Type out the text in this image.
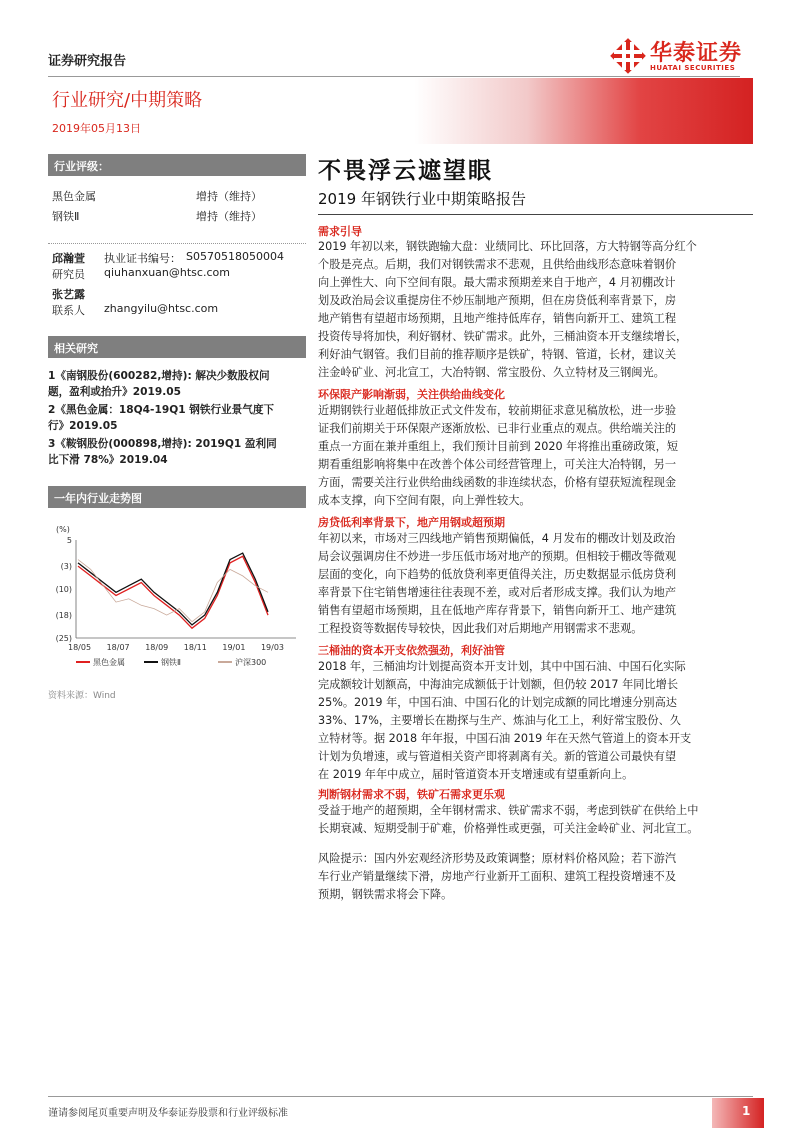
证券研究报告	华泰证券
HUATAI SECURITIES
行业研究/中期策略
2019年05月13日
行业评级：
黑色金属	增持（维持）
钢铁Ⅱ	增持（维持）
邱瀚萱 执业证书编号： S0570518050004
研究员 qiuhanxuan@htsc.com
张艺露
联系人 zhangyilu@htsc.com
相关研究
1《南钢股份(600282,增持): 解决少数股权问
题，盈利或抬升》2019.05
2《黑色金属：18Q4-19Q1 钢铁行业景气度下
行》2019.05
3《鞍钢股份(000898,增持): 2019Q1 盈利同
比下滑 78%》2019.04
一年内行业走势图
(%)
5
(3)
(10)
(18)
(25)
18/05 18/07 18/09 18/11 19/01 19/03
黑色金属	钢铁Ⅱ	沪深300
资料来源：Wind
不畏浮云遮望眼
2019 年钢铁行业中期策略报告
需求引导
2019 年初以来，钢铁跑输大盘：业绩同比、环比回落，方大特钢等高分红个
个股是亮点。后期，我们对钢铁需求不悲观，且供给曲线形态意味着钢价
向上弹性大、向下空间有限。最大需求预期差来自于地产，4 月初棚改计
划及政治局会议重提房住不炒压制地产预期，但在房贷低利率背景下，房
地产销售有望超市场预期，且地产维持低库存，销售向新开工、建筑工程
投资传导将加快，利好钢材、铁矿需求。此外，三桶油资本开支继续增长，
利好油气钢管。我们目前的推荐顺序是铁矿，特钢、管道，长材，建议关
注金岭矿业、河北宣工，大冶特钢、常宝股份、久立特材及三钢闽光。
环保限产影响渐弱，关注供给曲线变化
近期钢铁行业超低排放正式文件发布，较前期征求意见稿放松，进一步验
证我们前期关于环保限产逐渐放松、已非行业重点的观点。供给端关注的
重点一方面在兼并重组上，我们预计目前到 2020 年将推出重磅政策，短
期看重组影响将集中在改善个体公司经营管理上，可关注大冶特钢，另一
方面，需要关注行业供给曲线函数的非连续状态，价格有望获短流程现金
成本支撑，向下空间有限，向上弹性较大。
房贷低利率背景下，地产用钢或超预期
年初以来，市场对三四线地产销售预期偏低，4 月发布的棚改计划及政治
局会议强调房住不炒进一步压低市场对地产的预期。但相较于棚改等微观
层面的变化，向下趋势的低放贷利率更值得关注，历史数据显示低房贷利
率背景下住宅销售增速往往表现不差，或对后者形成支撑。我们认为地产
销售有望超市场预期，且在低地产库存背景下，销售向新开工、地产建筑
工程投资等数据传导较快，因此我们对后期地产用钢需求不悲观。
三桶油的资本开支依然强劲，利好油管
2018 年，三桶油均计划提高资本开支计划，其中中国石油、中国石化实际
完成额较计划额高，中海油完成额低于计划额，但仍较 2017 年同比增长
25%。2019 年，中国石油、中国石化的计划完成额的同比增速分别高达
33%、17%，主要增长在勘探与生产、炼油与化工上，利好常宝股份、久
立特材等。据 2018 年年报，中国石油 2019 年在天然气管道上的资本开支
计划为负增速，或与管道相关资产即将剥离有关。新的管道公司最快有望
在 2019 年年中成立，届时管道资本开支增速或有望重新向上。
判断钢材需求不弱，铁矿石需求更乐观
受益于地产的超预期，全年钢材需求、铁矿需求不弱，考虑到铁矿在供给上中
长期衰减、短期受制于矿难，价格弹性或更强，可关注金岭矿业、河北宣工。
风险提示：国内外宏观经济形势及政策调整；原材料价格风险；若下游汽
车行业产销量继续下滑，房地产行业新开工面积、建筑工程投资增速不及
预期，钢铁需求将会下降。
谨请参阅尾页重要声明及华泰证券股票和行业评级标准	1
